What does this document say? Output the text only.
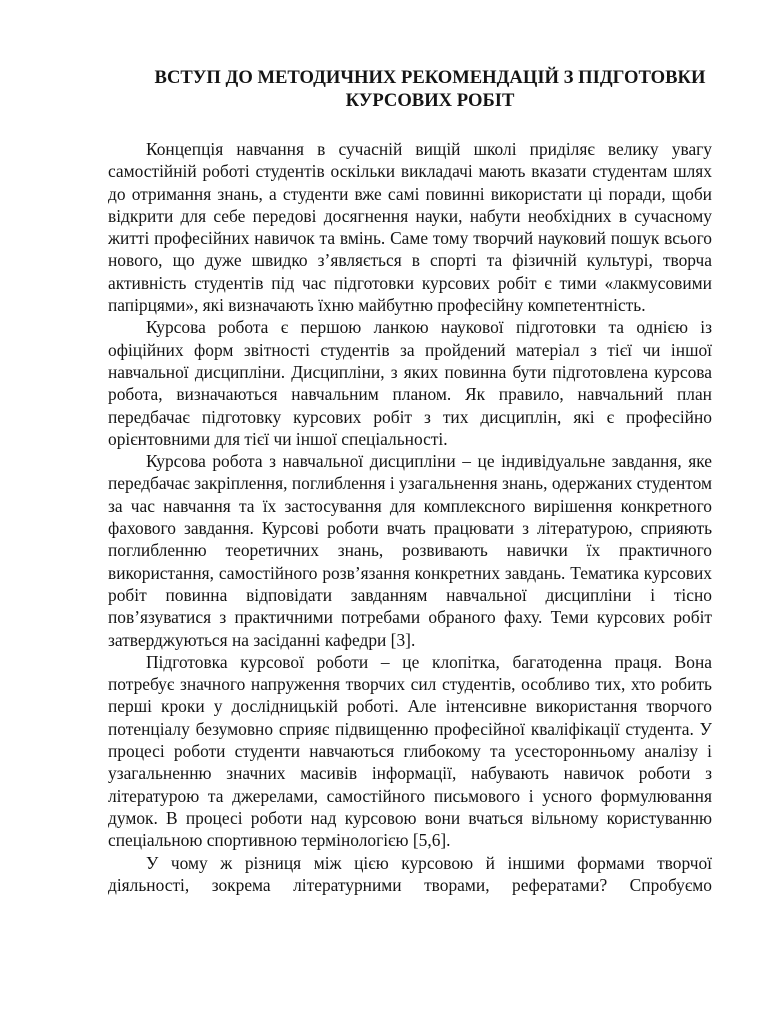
ВСТУП ДО МЕТОДИЧНИХ РЕКОМЕНДАЦІЙ З ПІДГОТОВКИ
КУРСОВИХ РОБІТ

Концепція навчання в сучасній вищій школі приділяє велику увагу самостійній роботі студентів оскільки викладачі мають вказати студентам шлях до отримання знань, а студенти вже самі повинні використати ці поради, щоби відкрити для себе передові досягнення науки, набути необхідних в сучасному житті професійних навичок та вмінь. Саме тому творчий науковий пошук всього нового, що дуже швидко з’являється в спорті та фізичній культурі, творча активність студентів під час підготовки курсових робіт є тими «лакмусовими папірцями», які визначають їхню майбутню професійну компетентність.

Курсова робота є першою ланкою наукової підготовки та однією із офіційних форм звітності студентів за пройдений матеріал з тієї чи іншої навчальної дисципліни. Дисципліни, з яких повинна бути підготовлена курсова робота, визначаються навчальним планом. Як правило, навчальний план передбачає підготовку курсових робіт з тих дисциплін, які є професійно орієнтовними для тієї чи іншої спеціальності.

Курсова робота з навчальної дисципліни – це індивідуальне завдання, яке передбачає закріплення, поглиблення і узагальнення знань, одержаних студентом за час навчання та їх застосування для комплексного вирішення конкретного фахового завдання. Курсові роботи вчать працювати з літературою, сприяють поглибленню теоретичних знань, розвивають навички їх практичного використання, самостійного розв’язання конкретних завдань. Тематика курсових робіт повинна відповідати завданням навчальної дисципліни і тісно пов’язуватися з практичними потребами обраного фаху. Теми курсових робіт затверджуються на засіданні кафедри [3].

Підготовка курсової роботи – це клопітка, багатоденна праця. Вона потребує значного напруження творчих сил студентів, особливо тих, хто робить перші кроки у дослідницькій роботі. Але інтенсивне використання творчого потенціалу безумовно сприяє підвищенню професійної кваліфікації студента. У процесі роботи студенти навчаються глибокому та усесторонньому аналізу і узагальненню значних масивів інформації, набувають навичок роботи з літературою та джерелами, самостійного письмового і усного формулювання думок. В процесі роботи над курсовою вони вчаться вільному користуванню спеціальною спортивною термінологією [5,6].

У чому ж різниця між цією курсовою й іншими формами творчої діяльності, зокрема літературними творами, рефератами? Спробуємо
